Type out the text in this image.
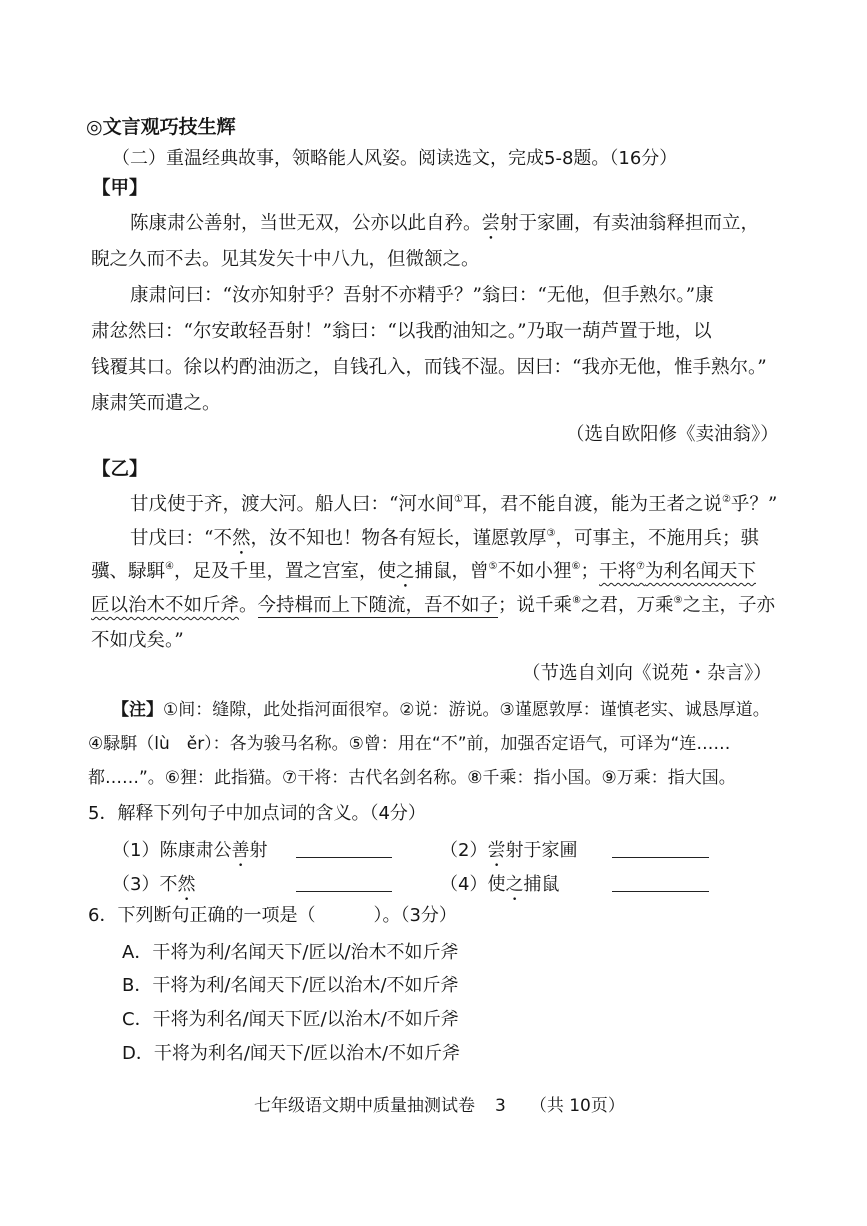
◎文言观巧技生辉
（二）重温经典故事，领略能人风姿。阅读选文，完成5-8题。（16分）
【甲】
陈康肃公善射，当世无双，公亦以此自矜。尝射于家圃，有卖油翁释担而立，
睨之久而不去。见其发矢十中八九，但微颔之。
康肃问曰：“汝亦知射乎？吾射不亦精乎？”翁曰：“无他，但手熟尔。”康
肃忿然曰：“尔安敢轻吾射！”翁曰：“以我酌油知之。”乃取一葫芦置于地，以
钱覆其口。徐以杓酌油沥之，自钱孔入，而钱不湿。因曰：“我亦无他，惟手熟尔。”
康肃笑而遣之。
（选自欧阳修《卖油翁》）
【乙】
甘戊使于齐，渡大河。船人曰：“河水间①耳，君不能自渡，能为王者之说②乎？”
甘戊曰：“不然，汝不知也！物各有短长，谨愿敦厚③，可事主，不施用兵；骐
骥、騄駬④，足及千里，置之宫室，使之捕鼠，曾⑤不如小狸⑥；干将⑦为利名闻天下
匠以治木不如斤斧。今持楫而上下随流，吾不如子；说千乘⑧之君，万乘⑨之主，子亦
不如戊矣。”
（节选自刘向《说苑・杂言》）
【注】①间：缝隙，此处指河面很窄。②说：游说。③谨愿敦厚：谨慎老实、诚恳厚道。
④騄駬（lù　ěr）：各为骏马名称。⑤曾：用在“不”前，加强否定语气，可译为“连……
都……”。⑥狸：此指猫。⑦干将：古代名剑名称。⑧千乘：指小国。⑨万乘：指大国。
5．解释下列句子中加点词的含义。（4分）
（1）陈康肃公善射	（2）尝射于家圃
（3）不然	（4）使之捕鼠
6．下列断句正确的一项是（	）。（3分）
A．干将为利/名闻天下/匠以/治木不如斤斧
B．干将为利/名闻天下/匠以治木/不如斤斧
C．干将为利名/闻天下匠/以治木/不如斤斧
D．干将为利名/闻天下/匠以治木/不如斤斧
七年级语文期中质量抽测试卷 3 （共 10页）
